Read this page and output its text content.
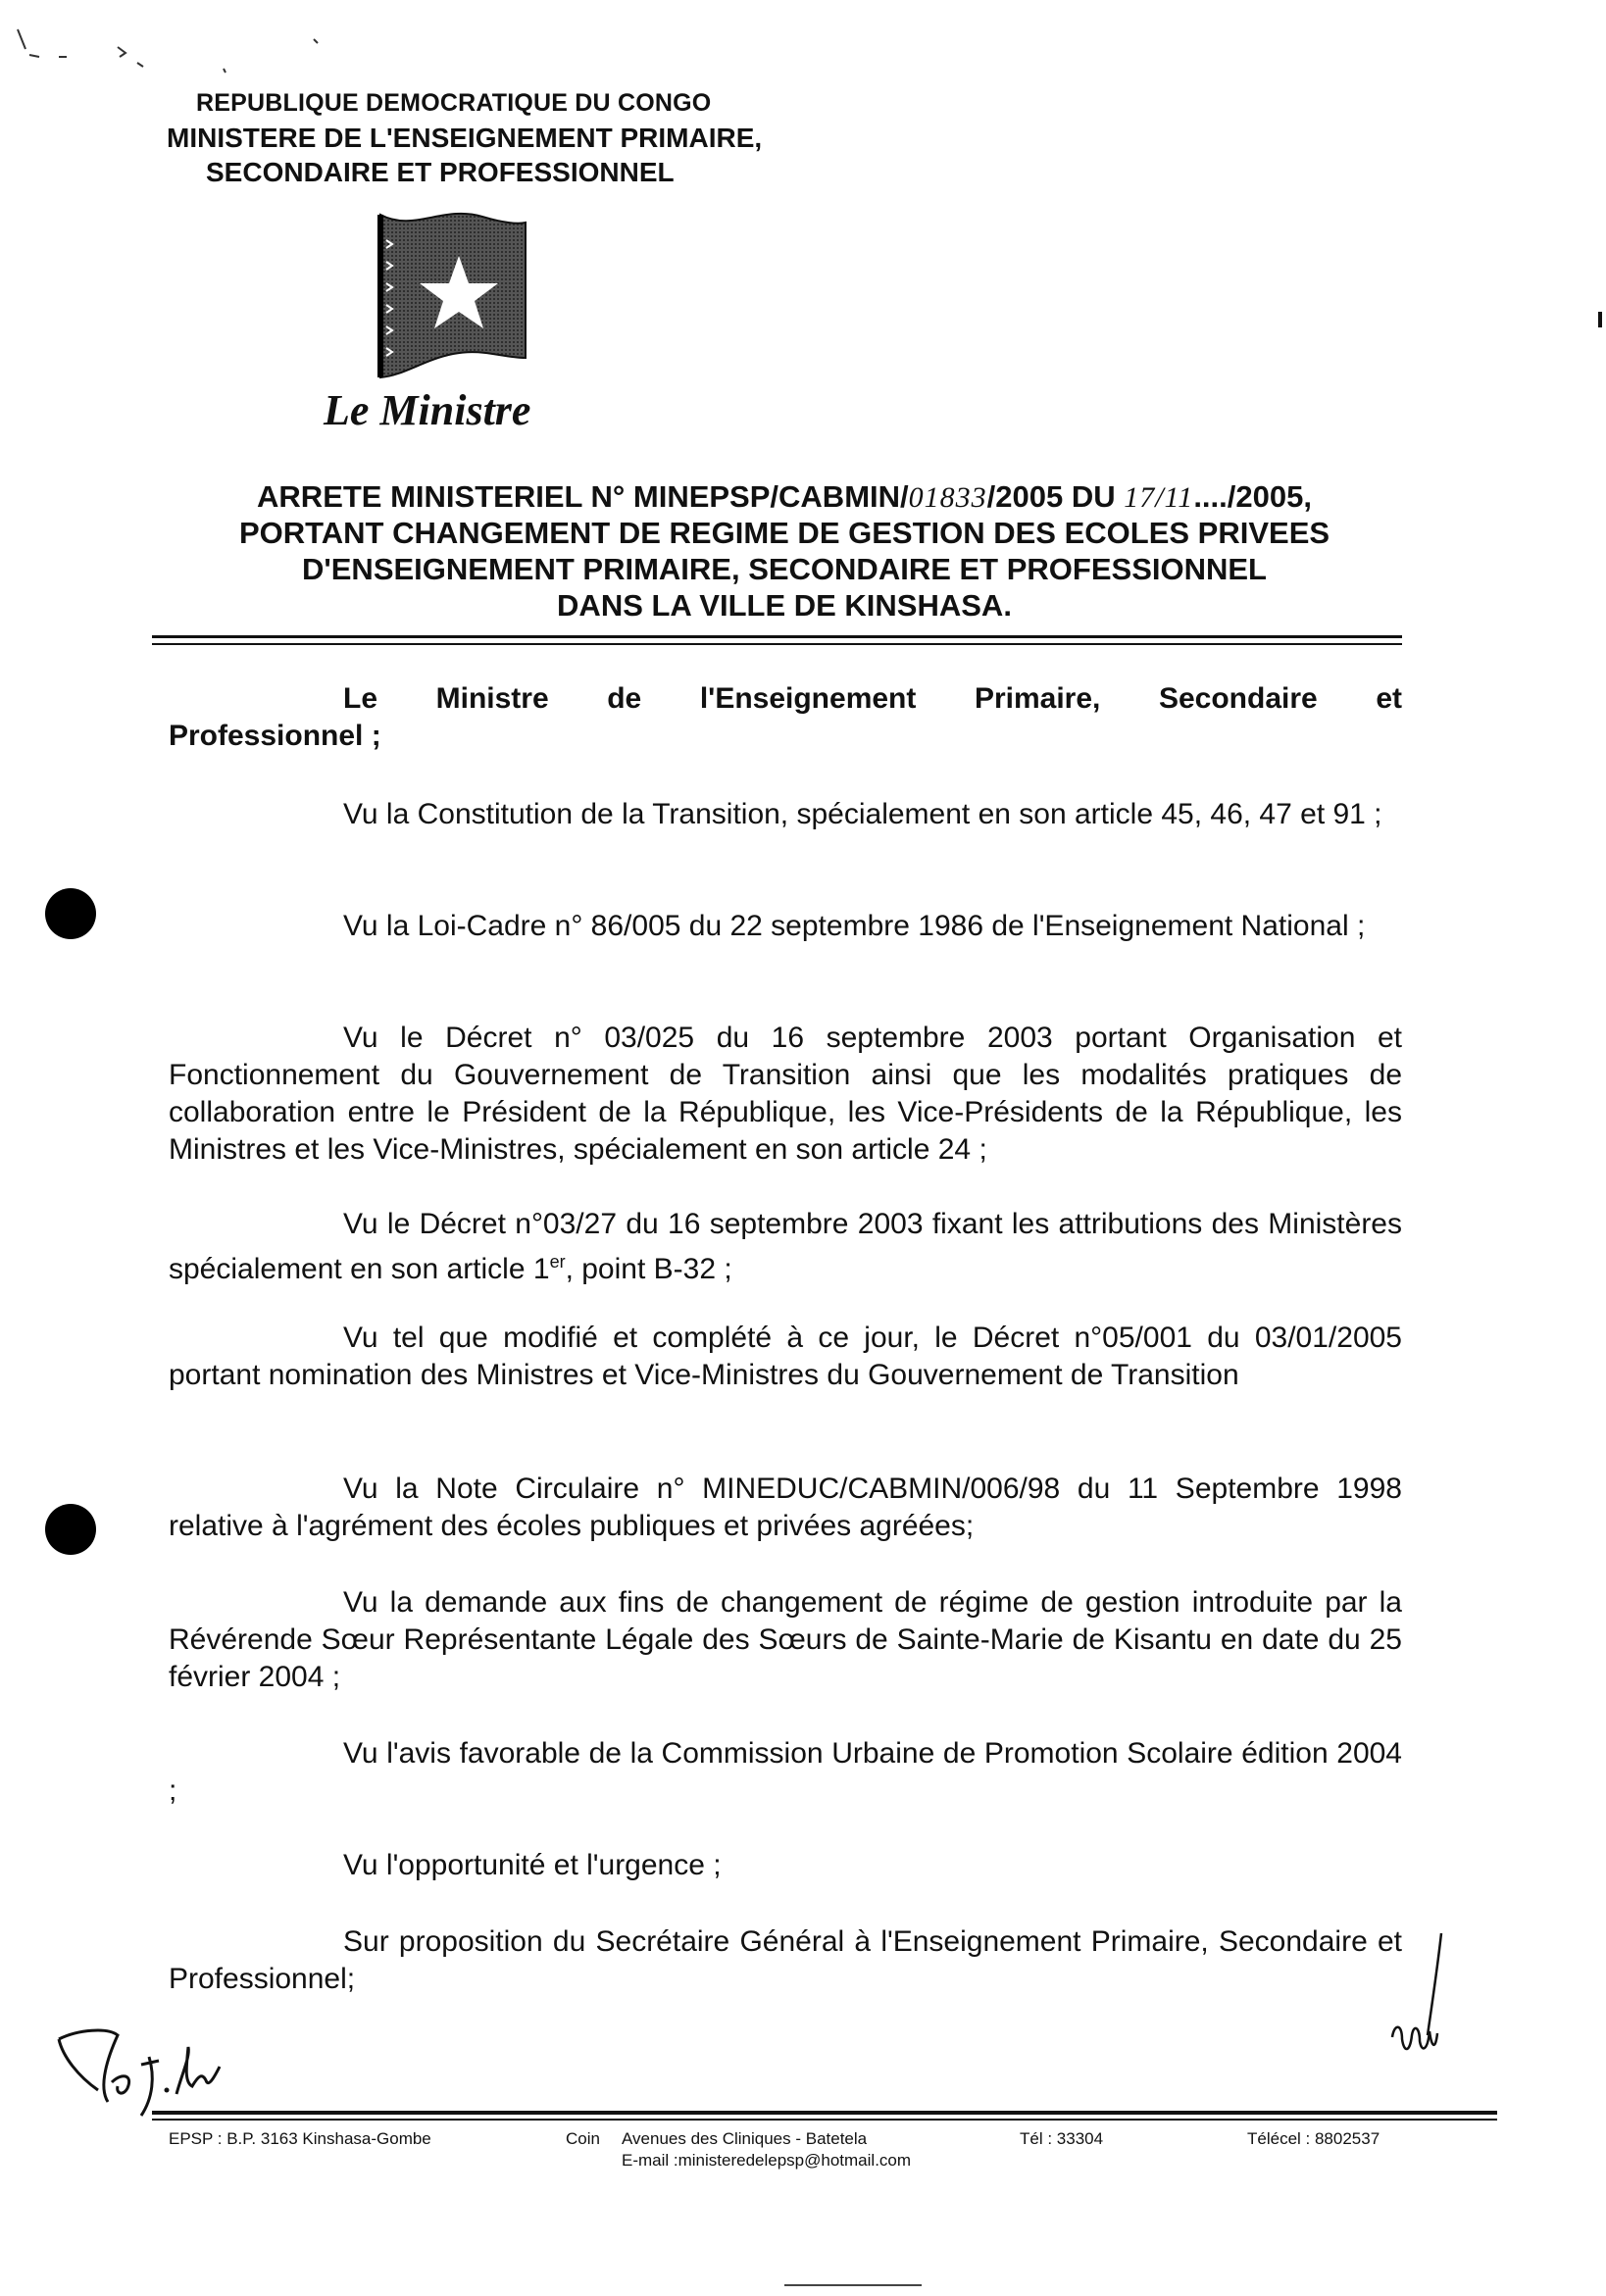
REPUBLIQUE DEMOCRATIQUE DU CONGO
MINISTERE DE L'ENSEIGNEMENT PRIMAIRE,
SECONDAIRE ET PROFESSIONNEL
Le Ministre
ARRETE MINISTERIEL N° MINEPSP/CABMIN/01833/2005 DU 17/11..../2005,
PORTANT CHANGEMENT DE REGIME DE GESTION DES ECOLES PRIVEES
D'ENSEIGNEMENT PRIMAIRE, SECONDAIRE ET PROFESSIONNEL
DANS LA VILLE DE KINSHASA.
Le Ministre de l'Enseignement Primaire, Secondaire et
Professionnel ;
Vu la Constitution de la Transition, spécialement en son article 45, 46, 47 et 91 ;
Vu la Loi-Cadre n° 86/005 du 22 septembre 1986 de l'Enseignement National ;
Vu le Décret n° 03/025 du 16 septembre 2003 portant Organisation et Fonctionnement du Gouvernement de Transition ainsi que les modalités pratiques de collaboration entre le Président de la République, les Vice-Présidents de la République, les Ministres et les Vice-Ministres, spécialement en son article 24 ;
Vu le Décret n°03/27 du 16 septembre 2003 fixant les attributions des Ministères spécialement en son article 1er, point B-32 ;
Vu tel que modifié et complété à ce jour, le Décret n°05/001 du 03/01/2005 portant nomination des Ministres et Vice-Ministres du Gouvernement de Transition
Vu la Note Circulaire n° MINEDUC/CABMIN/006/98 du 11 Septembre 1998 relative à l'agrément des écoles publiques et privées agréées;
Vu la demande aux fins de changement de régime de gestion introduite par la Révérende Sœur Représentante Légale des Sœurs de Sainte-Marie de Kisantu en date du 25 février 2004 ;
Vu l'avis favorable de la Commission Urbaine de Promotion Scolaire édition 2004 ;
Vu l'opportunité et l'urgence ;
Sur proposition du Secrétaire Général à l'Enseignement Primaire, Secondaire et Professionnel;
EPSP : B.P. 3163 Kinshasa-Gombe	Coin Avenues des Cliniques - Batetela
E-mail :ministeredelepsp@hotmail.com
Tél : 33304	Télécel : 8802537
